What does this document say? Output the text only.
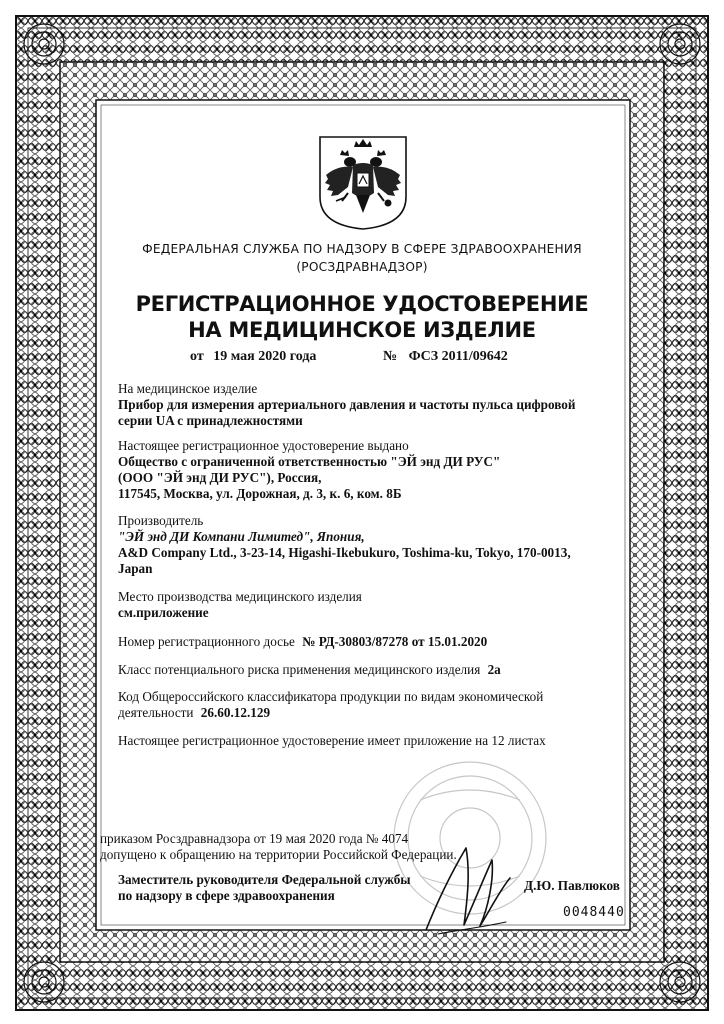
ФЕДЕРАЛЬНАЯ СЛУЖБА ПО НАДЗОРУ В СФЕРЕ ЗДРАВООХРАНЕНИЯ
(РОСЗДРАВНАДЗОР)
РЕГИСТРАЦИОННОЕ УДОСТОВЕРЕНИЕ
НА МЕДИЦИНСКОЕ ИЗДЕЛИЕ
от 19 мая 2020 года	№ ФСЗ 2011/09642
На медицинское изделие
Прибор для измерения артериального давления и частоты пульса цифровой
серии UA с принадлежностями
Настоящее регистрационное удостоверение выдано
Общество с ограниченной ответственностью "ЭЙ энд ДИ РУС"
(ООО "ЭЙ энд ДИ РУС"), Россия,
117545, Москва, ул. Дорожная, д. 3, к. 6, ком. 8Б
Производитель
"ЭЙ энд ДИ Компани Лимитед", Япония,
A&D Company Ltd., 3-23-14, Higashi-Ikebukuro, Toshima-ku, Tokyo, 170-0013,
Japan
Место производства медицинского изделия
см.приложение
Номер регистрационного досье № РД-30803/87278 от 15.01.2020
Класс потенциального риска применения медицинского изделия 2а
Код Общероссийского классификатора продукции по видам экономической
деятельности 26.60.12.129
Настоящее регистрационное удостоверение имеет приложение на 12 листах
приказом Росздравнадзора от 19 мая 2020 года № 4074
допущено к обращению на территории Российской Федерации.
Заместитель руководителя Федеральной службы
по надзору в сфере здравоохранения
Д.Ю. Павлюков
0048440
